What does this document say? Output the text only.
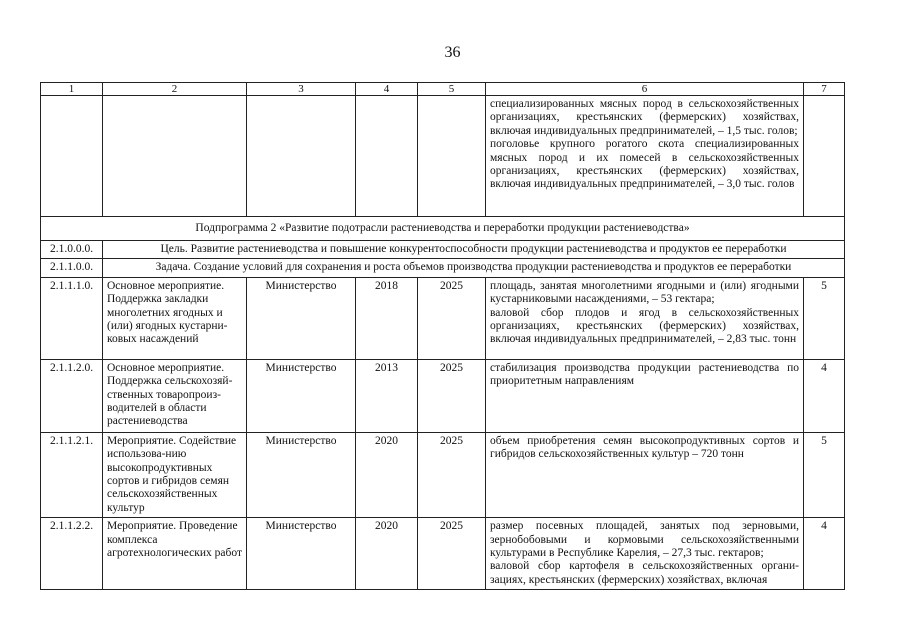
36
1	2	3	4	5	6	7

					специализированных мясных пород в сельскохозяйственных организациях, крестьянских (фермерских) хозяйствах, включая индивидуальных предпринимателей, – 1,5 тыс. голов;
поголовье крупного рогатого скота специализированных мясных пород и их помесей в сельскохозяйственных организациях, крестьянских (фермерских) хозяйствах, включая индивидуальных предпринимателей, – 3,0 тыс. голов	

Подпрограмма 2 «Развитие подотрасли растениеводства и переработки продукции растениеводства»						
2.1.0.0.0.	Цель. Развитие растениеводства и повышение конкурентоспособности продукции растениеводства и продуктов ее переработки					
2.1.1.0.0.	Задача. Создание условий для сохранения и роста объемов производства продукции растениеводства и продуктов ее переработки					
2.1.1.1.0.	Основное мероприятие. Поддержка закладки многолетних ягодных и (или) ягодных кустарни-ковых насаждений	Министерство	2018	2025	площадь, занятая многолетними ягодными и (или) ягодными кустарниковыми насаждениями, – 53 гектара;
валовой сбор плодов и ягод в сельскохозяйственных организациях, крестьянских (фермерских) хозяйствах, включая индивидуальных предпринимателей, – 2,83 тыс. тонн	5
2.1.1.2.0.	Основное мероприятие. Поддержка сельскохозяй-ственных товаропроиз-водителей в области растениеводства	Министерство	2013	2025	стабилизация производства продукции растениеводства по приоритетным направлениям	4
2.1.1.2.1.	Мероприятие. Содействие использова-нию высокопродуктивных сортов и гибридов семян сельскохозяйственных культур	Министерство	2020	2025	объем приобретения семян высокопродуктивных сортов и гибридов сельскохозяйственных культур – 720 тонн	5
2.1.1.2.2.	Мероприятие. Проведение комплекса агротехнологических работ	Министерство	2020	2025	размер посевных площадей, занятых под зерновыми, зернобобовыми и кормовыми сельскохозяйственными культурами в Республике Карелия, – 27,3 тыс. гектаров;
валовой сбор картофеля в сельскохозяйственных органи-зациях, крестьянских (фермерских) хозяйствах, включая	4
